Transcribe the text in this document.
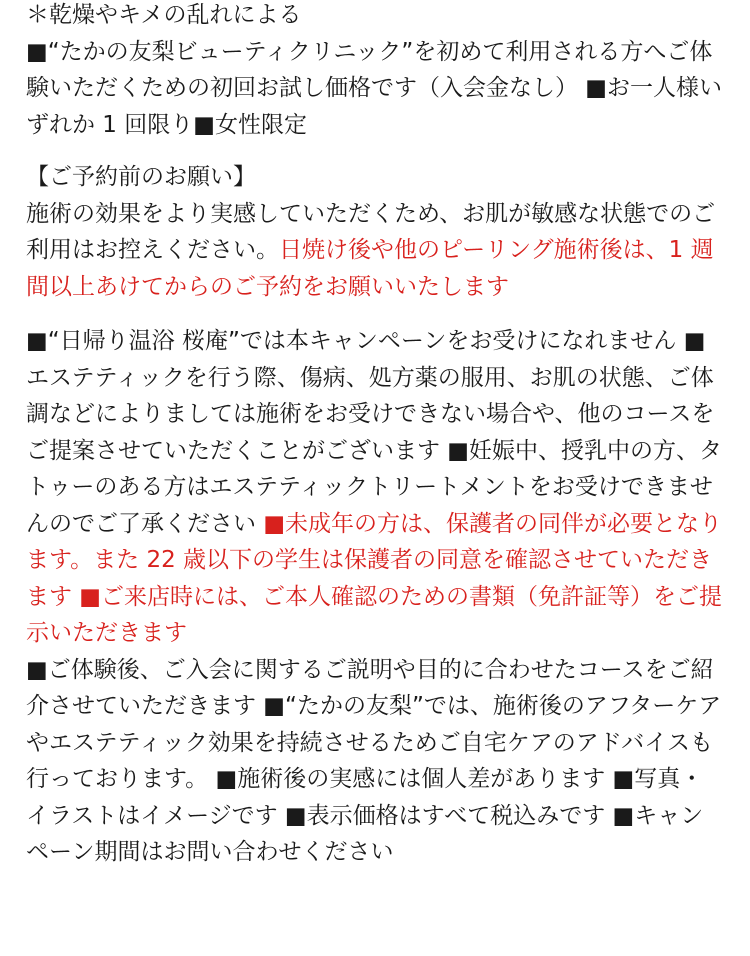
＊乾燥やキメの乱れによる
■“たかの友梨ビューティクリニック”を初めて利用される方へご体験いただくための初回お試し価格です（入会金なし） ■お一人様いずれか 1 回限り■女性限定

【ご予約前のお願い】
施術の効果をより実感していただくため、お肌が敏感な状態でのご利用はお控えください。日焼け後や他のピーリング施術後は、1 週間以上あけてからのご予約をお願いいたします

■“日帰り温浴 桜庵”では本キャンペーンをお受けになれません ■エステティックを行う際、傷病、処方薬の服用、お肌の状態、ご体調などによりましては施術をお受けできない場合や、他のコースをご提案させていただくことがございます ■妊娠中、授乳中の方、タトゥーのある方はエステティックトリートメントをお受けできませんのでご了承ください ■未成年の方は、保護者の同伴が必要となります。また 22 歳以下の学生は保護者の同意を確認させていただきます ■ご来店時には、ご本人確認のための書類（免許証等）をご提示いただきます
■ご体験後、ご入会に関するご説明や目的に合わせたコースをご紹介させていただきます ■“たかの友梨”では、施術後のアフターケアやエステティック効果を持続させるためご自宅ケアのアドバイスも行っております。 ■施術後の実感には個人差があります ■写真・イラストはイメージです ■表示価格はすべて税込みです ■キャンペーン期間はお問い合わせください
